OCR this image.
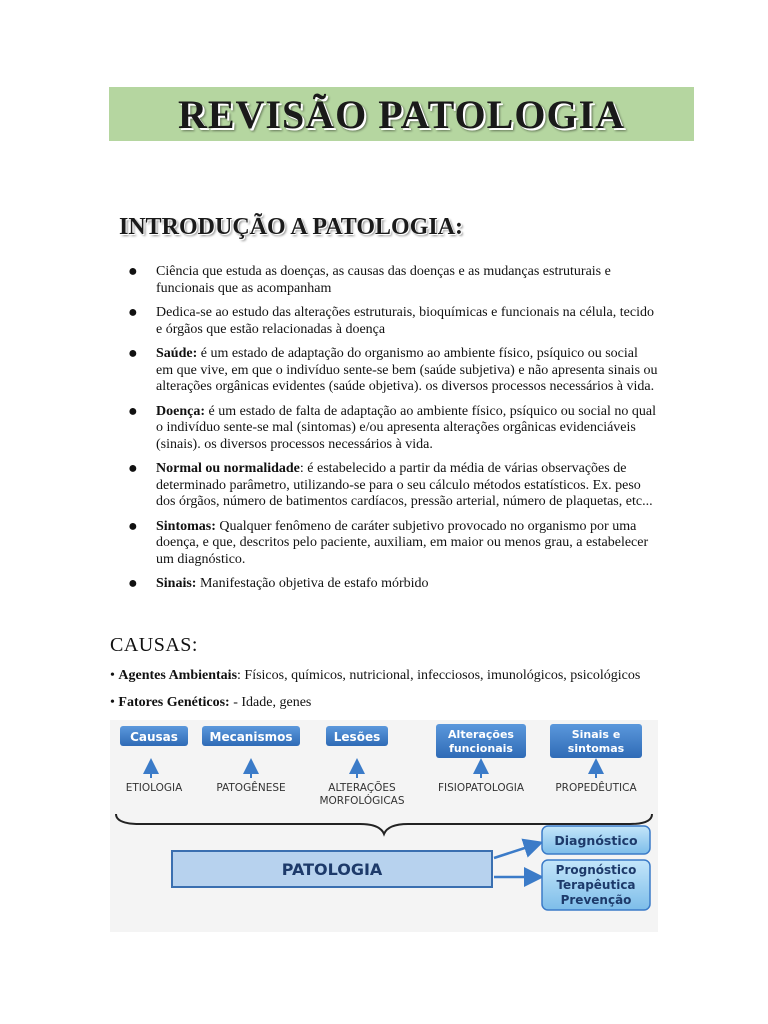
REVISÃO PATOLOGIA
INTRODUÇÃO A PATOLOGIA:
● Ciência que estuda as doenças, as causas das doenças e as mudanças estruturais e funcionais que as acompanham
● Dedica-se ao estudo das alterações estruturais, bioquímicas e funcionais na célula, tecido e órgãos que estão relacionadas à doença
● Saúde: é um estado de adaptação do organismo ao ambiente físico, psíquico ou social em que vive, em que o indivíduo sente-se bem (saúde subjetiva) e não apresenta sinais ou alterações orgânicas evidentes (saúde objetiva). os diversos processos necessários à vida.
● Doença: é um estado de falta de adaptação ao ambiente físico, psíquico ou social no qual o indivíduo sente-se mal (sintomas) e/ou apresenta alterações orgânicas evidenciáveis (sinais). os diversos processos necessários à vida.
● Normal ou normalidade: é estabelecido a partir da média de várias observações de determinado parâmetro, utilizando-se para o seu cálculo métodos estatísticos. Ex. peso dos órgãos, número de batimentos cardíacos, pressão arterial, número de plaquetas, etc...
● Sintomas: Qualquer fenômeno de caráter subjetivo provocado no organismo por uma doença, e que, descritos pelo paciente, auxiliam, em maior ou menos grau, a estabelecer um diagnóstico.
● Sinais: Manifestação objetiva de estafo mórbido
CAUSAS:

• Agentes Ambientais: Físicos, químicos, nutricional, infecciosos, imunológicos, psicológicos

• Fatores Genéticos: - Idade, genes

Causas	Mecanismos	Lesões	Alterações
funcionais
Sinais e
sintomas
ETIOLOGIA	PATOGÊNESE	ALTERAÇÕES
MORFOLÓGICAS
FISIOPATOLOGIA	PROPEDÊUTICA
PATOLOGIA
Diagnóstico
Prognóstico
Terapêutica
Prevenção
